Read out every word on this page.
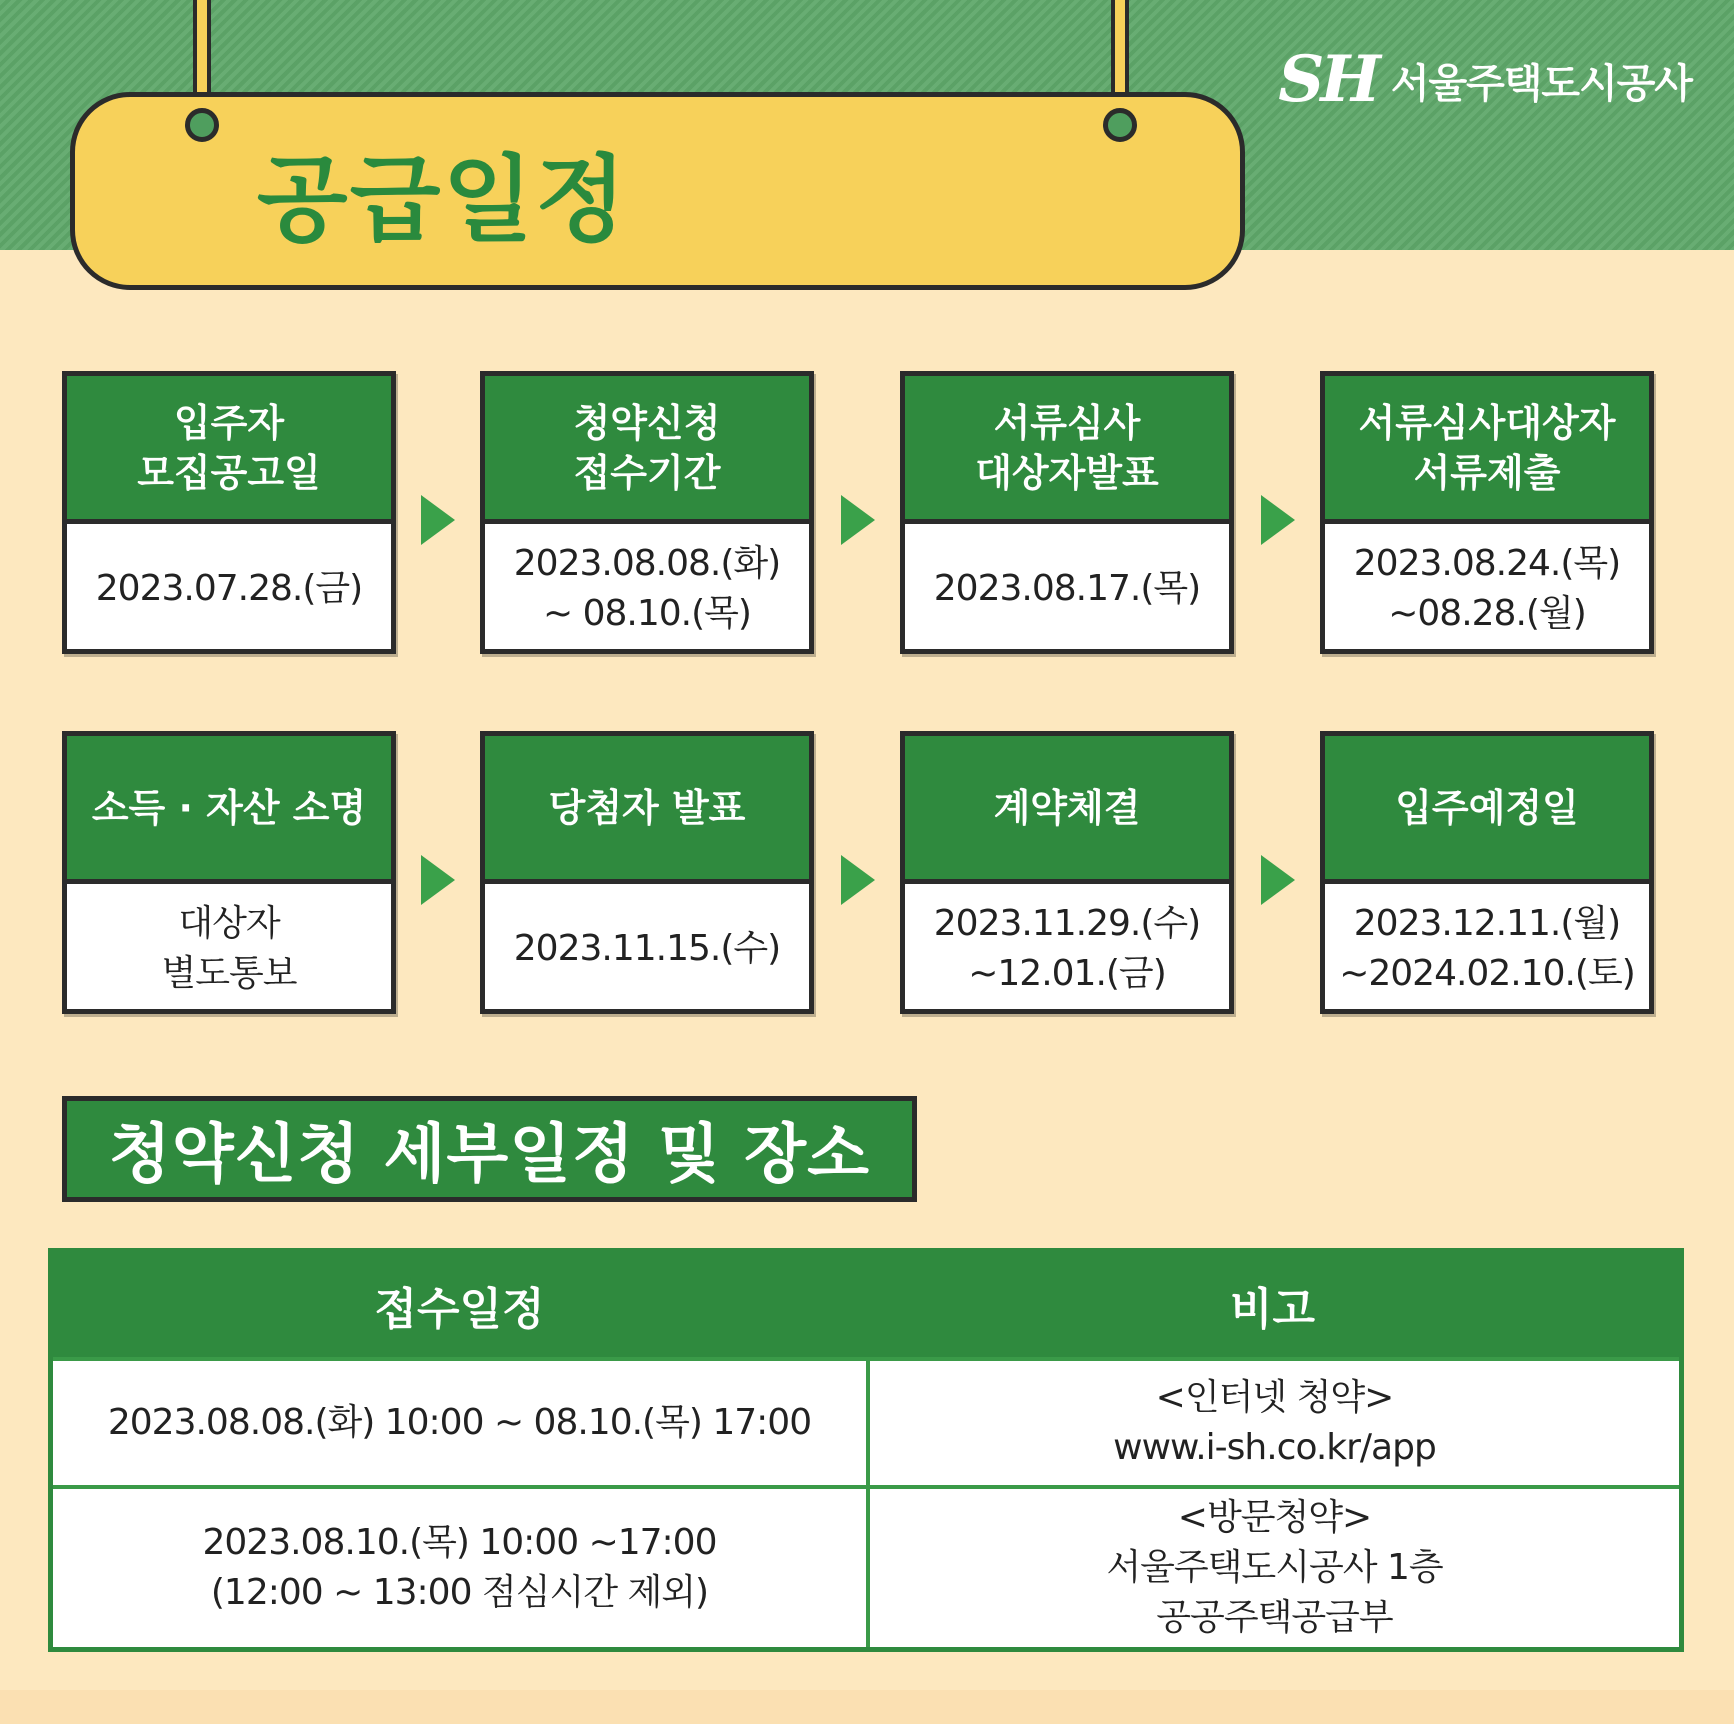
SH 서울주택도시공사
공급일정
입주자
모집공고일
2023.07.28.(금)
청약신청
접수기간
2023.08.08.(화)
~ 08.10.(목)
서류심사
대상자발표
2023.08.17.(목)
서류심사대상자
서류제출
2023.08.24.(목)
~08.28.(월)
소득 · 자산 소명
대상자
별도통보
당첨자 발표
2023.11.15.(수)
계약체결
2023.11.29.(수)
~12.01.(금)
입주예정일
2023.12.11.(월)
~2024.02.10.(토)
청약신청 세부일정 및 장소
접수일정	비고
2023.08.08.(화) 10:00 ~ 08.10.(목) 17:00
<인터넷 청약>
www.i-sh.co.kr/app
2023.08.10.(목) 10:00 ~17:00
(12:00 ~ 13:00 점심시간 제외)
<방문청약>
서울주택도시공사 1층
공공주택공급부
